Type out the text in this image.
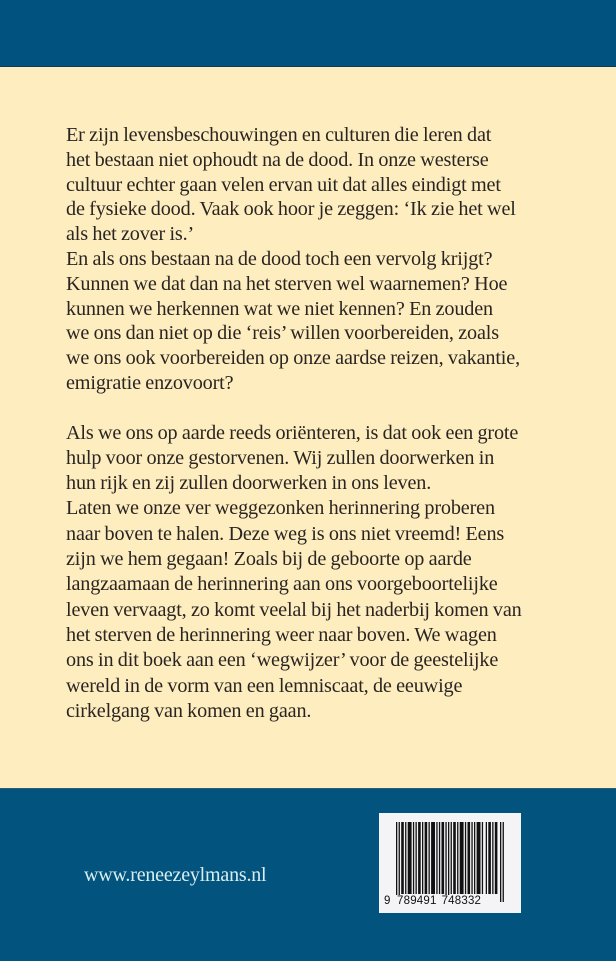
Er zijn levensbeschouwingen en culturen die leren dat
het bestaan niet ophoudt na de dood. In onze westerse
cultuur echter gaan velen ervan uit dat alles eindigt met
de fysieke dood. Vaak ook hoor je zeggen: ‘Ik zie het wel
als het zover is.’
En als ons bestaan na de dood toch een vervolg krijgt?
Kunnen we dat dan na het sterven wel waarnemen? Hoe
kunnen we herkennen wat we niet kennen? En zouden
we ons dan niet op die ‘reis’ willen voorbereiden, zoals
we ons ook voorbereiden op onze aardse reizen, vakantie,
emigratie enzovoort?

Als we ons op aarde reeds oriënteren, is dat ook een grote
hulp voor onze gestorvenen. Wij zullen doorwerken in
hun rijk en zij zullen doorwerken in ons leven.
Laten we onze ver weggezonken herinnering proberen
naar boven te halen. Deze weg is ons niet vreemd! Eens
zijn we hem gegaan! Zoals bij de geboorte op aarde
langzaamaan de herinnering aan ons voorgeboortelijke
leven vervaagt, zo komt veelal bij het naderbij komen van
het sterven de herinnering weer naar boven. We wagen
ons in dit boek aan een ‘wegwijzer’ voor de geestelijke
wereld in de vorm van een lemniscaat, de eeuwige
cirkelgang van komen en gaan.

www.reneezeylmans.nl
9 789491 748332
